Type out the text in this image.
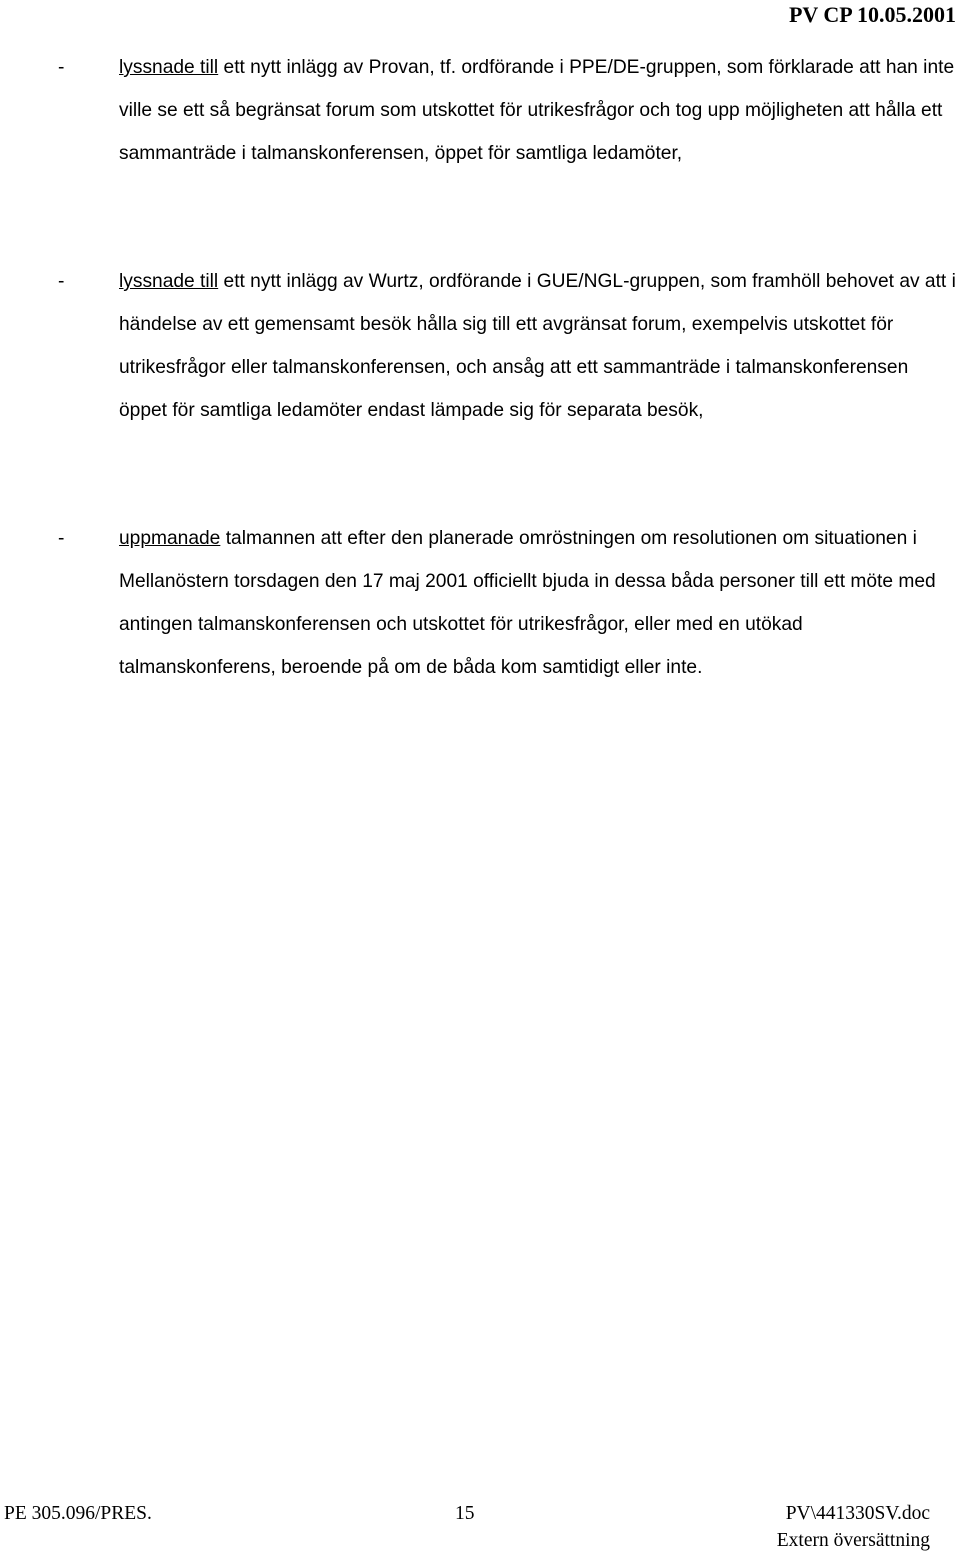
PV CP 10.05.2001
-	lyssnade till ett nytt inlägg av Provan, tf. ordförande i PPE/DE-gruppen, som förklarade att han inte ville se ett så begränsat forum som utskottet för utrikesfrågor och tog upp möjligheten att hålla ett sammanträde i talmanskonferensen, öppet för samtliga ledamöter,
-	lyssnade till ett nytt inlägg av Wurtz, ordförande i GUE/NGL-gruppen, som framhöll behovet av att i händelse av ett gemensamt besök hålla sig till ett avgränsat forum, exempelvis utskottet för utrikesfrågor eller talmanskonferensen, och ansåg att ett sammanträde i talmanskonferensen öppet för samtliga ledamöter endast lämpade sig för separata besök,
-	uppmanade talmannen att efter den planerade omröstningen om resolutionen om situationen i Mellanöstern torsdagen den 17 maj 2001 officiellt bjuda in dessa båda personer till ett möte med antingen talmanskonferensen och utskottet för utrikesfrågor, eller med en utökad talmanskonferens, beroende på om de båda kom samtidigt eller inte.
PE 305.096/PRES.	15	PV\441330SV.doc
Extern översättning
